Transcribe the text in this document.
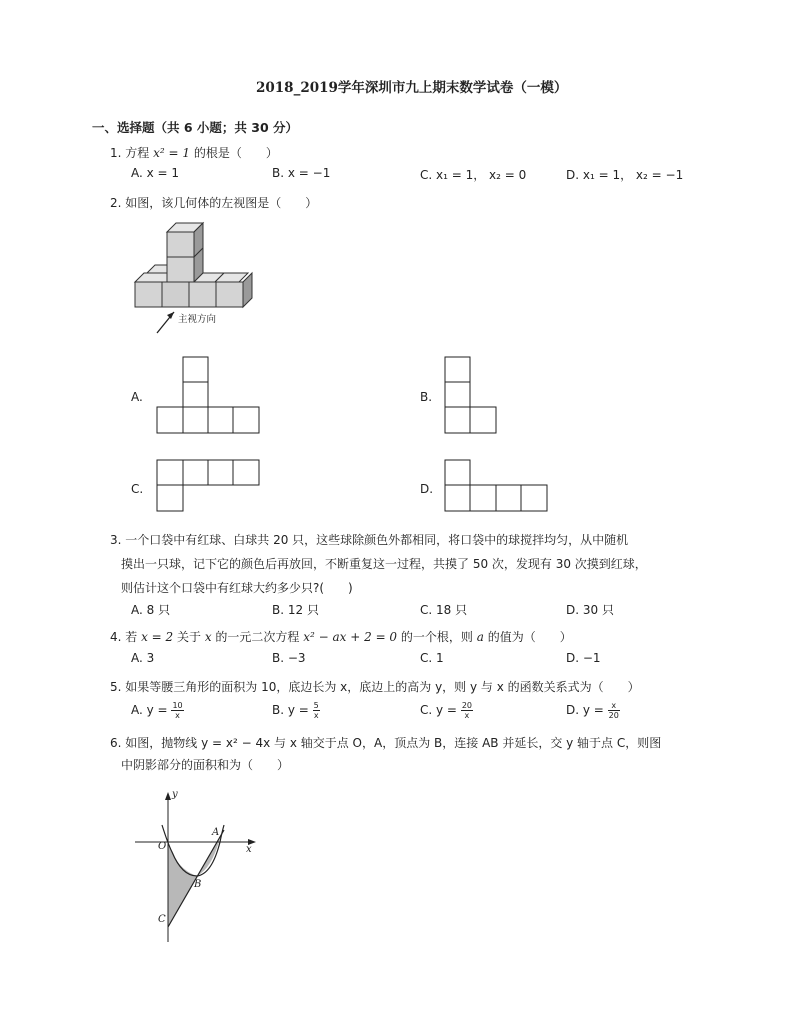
2018_2019学年深圳市九上期末数学试卷（一模）
一、选择题（共 6 小题；共 30 分）
1. 方程 x² = 1 的根是（　　）
A. x = 1	B. x = −1	C. x₁ = 1， x₂ = 0	D. x₁ = 1， x₂ = −1
2. 如图，该几何体的左视图是（　　）
主视方向
A.	B.
C.	D.
3. 一个口袋中有红球、白球共 20 只，这些球除颜色外都相同，将口袋中的球搅拌均匀，从中随机
摸出一只球，记下它的颜色后再放回，不断重复这一过程，共摸了 50 次，发现有 30 次摸到红球，
则估计这个口袋中有红球大约多少只?(　　)
A. 8 只	B. 12 只	C. 18 只	D. 30 只
4. 若 x = 2 关于 x 的一元二次方程 x² − ax + 2 = 0 的一个根，则 a 的值为（　　）
A. 3	B. −3	C. 1	D. −1
5. 如果等腰三角形的面积为 10，底边长为 x，底边上的高为 y，则 y 与 x 的函数关系式为（　　）
A. $y = \frac{10}{x}$	B. $y = \frac{5}{x}$	C. $y = \frac{20}{x}$	D. $y = \frac{x}{20}$
6. 如图，抛物线 y = x² − 4x 与 x 轴交于点 O，A，顶点为 B，连接 AB 并延长，交 y 轴于点 C，则图
中阴影部分的面积和为（　　）
y
x
O
A
B
C
